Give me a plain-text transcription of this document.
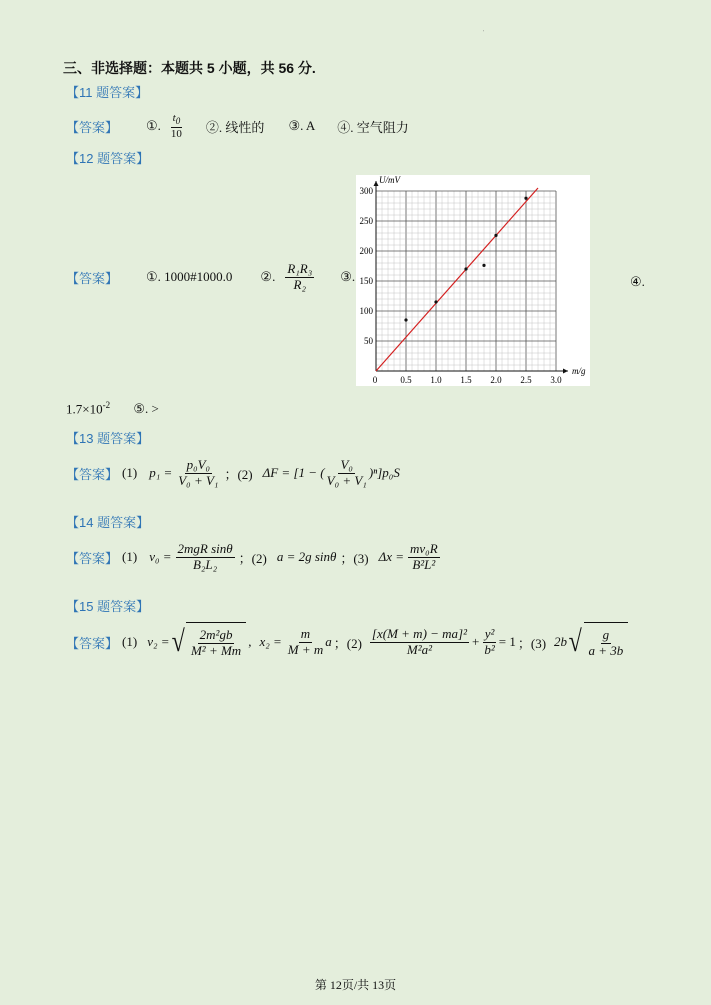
'
三、非选择题：本题共 5 小题，共 56 分.
【11 题答案】
【答案】 ①. $\frac{t_0}{10}$ ②. 线性的 ③. A ④. 空气阻力
【12 题答案】
【答案】 ①. 1000#1000.0 ②. $\frac{\text{R₁R₃}}{\text{R₂}}$ ③.	④.
0	0.5 1.0 1.5 2.0 2.5 3.0
50
100
150
200
250
300
m/g
U/mV
$1.7\times 10^{-2}$ ⑤. >
【13 题答案】
【答案】 (1) $p_1 = \frac{\text{p₀V₀}}{\text{V₀ + V₁}}$ ；(2) ΔF = [1 − ( $\frac{\text{V₀}}{\text{V₀ + V₁}} )^n]p_0S$
【14 题答案】
【答案】 (1) $v_0 = \frac{\text{2mgR sinθ}}{\text{B₂L₂}}$ ；(2) a = 2g sinθ ；(3) $\Delta x = \frac{\text{mv₀R}}{\text{B²L²}}$
【15 题答案】
【答案】 (1) v₂ = √ $\frac{\text{2m²gb}}{\text{M² + Mm}}$ , $x_2 = \frac{m}{M + m}$ a ；$(2) \frac{\text{[x(M + m) − ma]²}}{\text{M²a²}} + \frac{\text{y²}}{\text{b²}} = 1$ ；(3) 2b √ $\frac{g}{a + 3b}$
第 12页/共 13页
